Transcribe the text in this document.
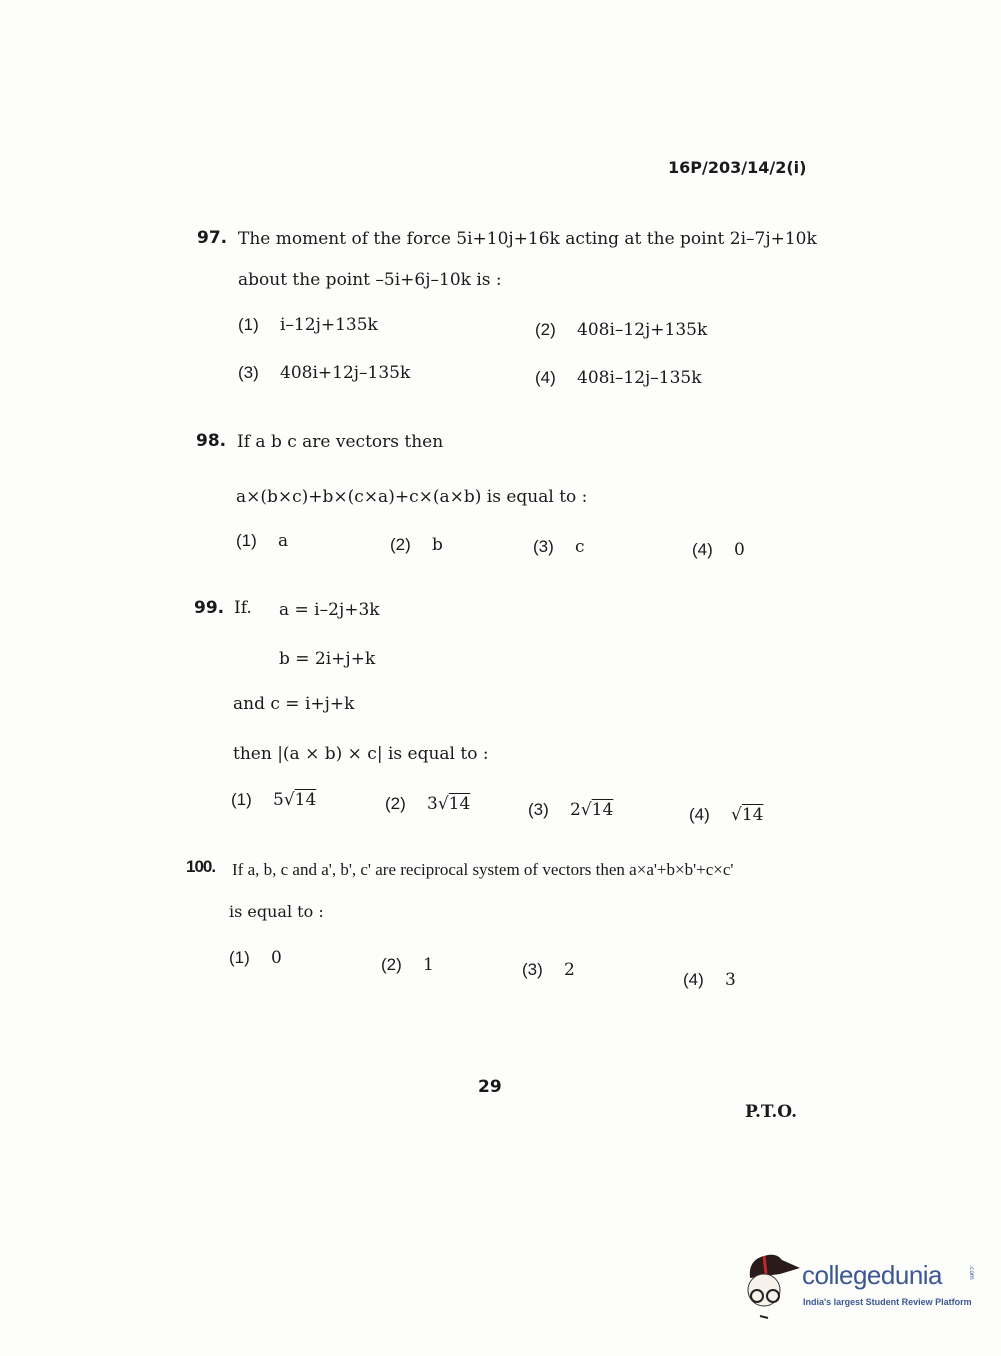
16P/203/14/2(i)
97. The moment of the force 5i+10j+16k acting at the point 2i–7j+10k
about the point –5i+6j–10k is :
(1) i–12j+135k	(2) 408i–12j+135k
(3) 408i+12j–135k	(4) 408i–12j–135k
98. If a b c are vectors then
a×(b×c)+b×(c×a)+c×(a×b) is equal to :
(1) a	(2) b	(3) c	(4) 0
99. If. a = i–2j+3k
b = 2i+j+k
and c = i+j+k
then |(a × b) × c| is equal to :
(1) 5√14	(2) 3√14	(3) 2√14	(4) √14
100. If a, b, c and a', b', c' are reciprocal system of vectors then a×a'+b×b'+c×c'
is equal to :
(1) 0	(2) 1	(3) 2	(4) 3
29
P.T.O.
collegedunia	.com
India's largest Student Review Platform
